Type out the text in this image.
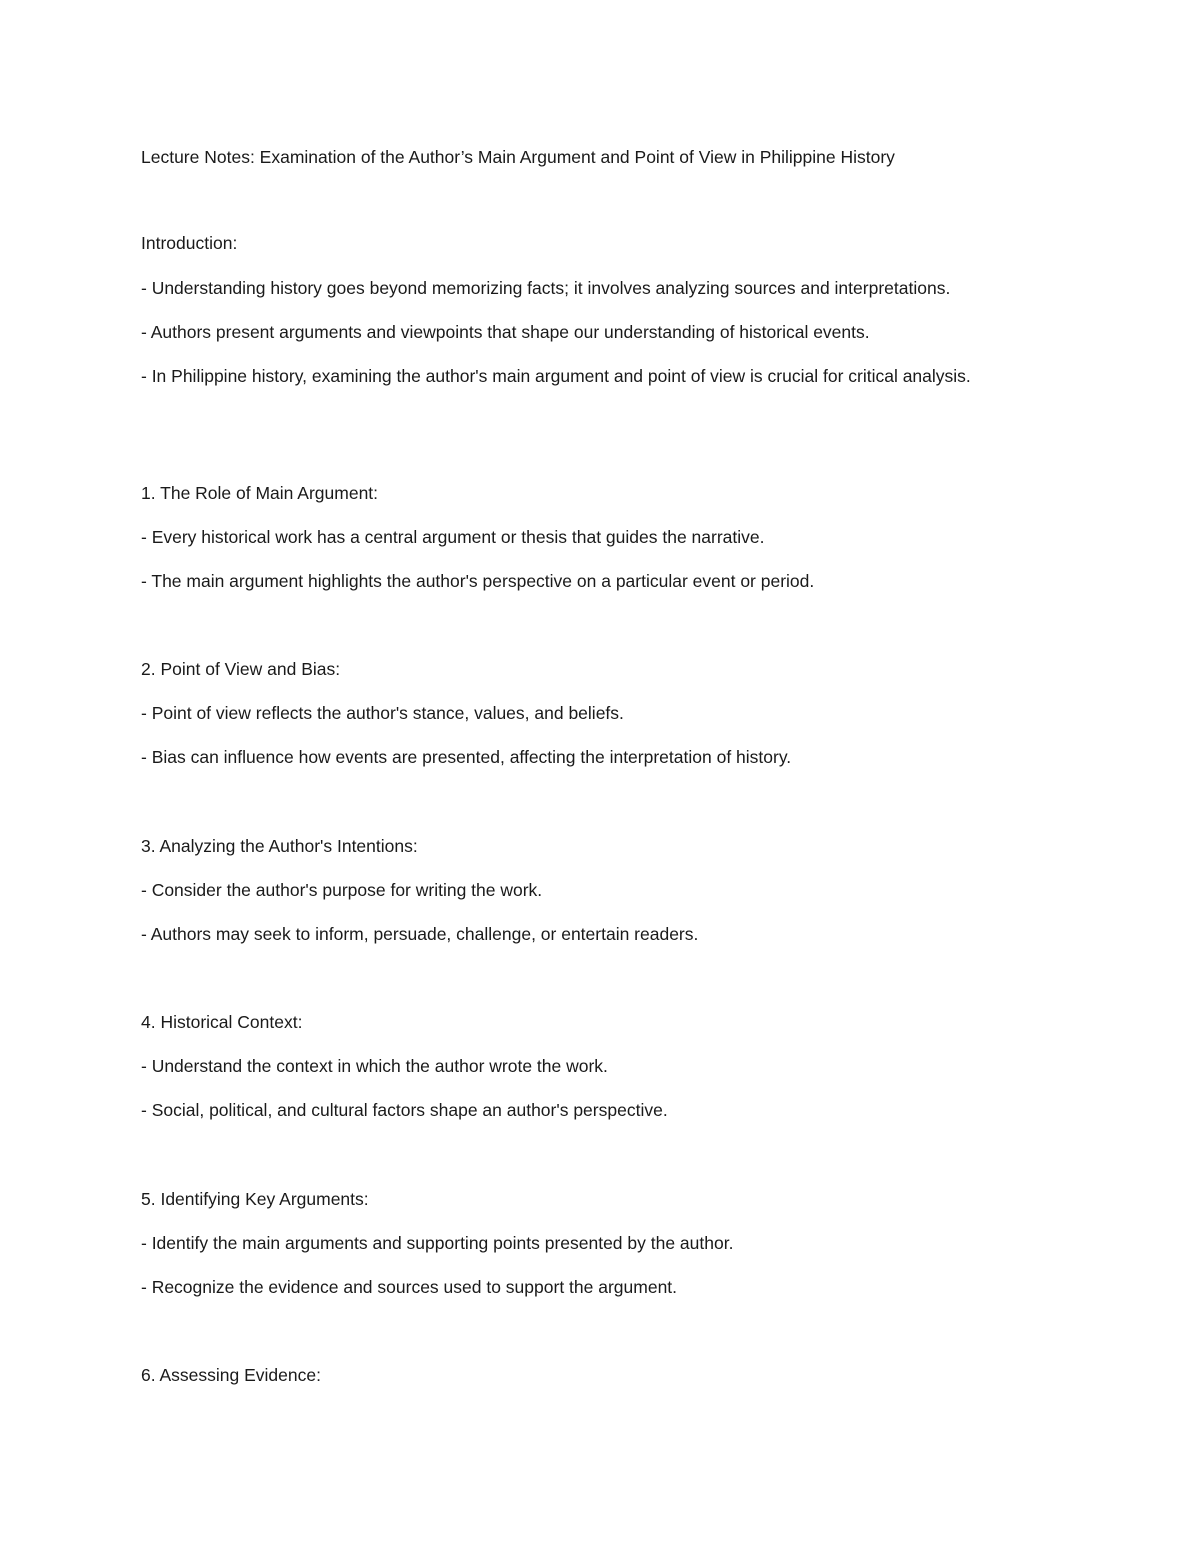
Lecture Notes: Examination of the Author’s Main Argument and Point of View in Philippine History
Introduction:
- Understanding history goes beyond memorizing facts; it involves analyzing sources and interpretations.
- Authors present arguments and viewpoints that shape our understanding of historical events.
- In Philippine history, examining the author's main argument and point of view is crucial for critical analysis.
1. The Role of Main Argument:
- Every historical work has a central argument or thesis that guides the narrative.
- The main argument highlights the author's perspective on a particular event or period.
2. Point of View and Bias:
- Point of view reflects the author's stance, values, and beliefs.
- Bias can influence how events are presented, affecting the interpretation of history.
3. Analyzing the Author's Intentions:
- Consider the author's purpose for writing the work.
- Authors may seek to inform, persuade, challenge, or entertain readers.
4. Historical Context:
- Understand the context in which the author wrote the work.
- Social, political, and cultural factors shape an author's perspective.
5. Identifying Key Arguments:
- Identify the main arguments and supporting points presented by the author.
- Recognize the evidence and sources used to support the argument.
6. Assessing Evidence:
